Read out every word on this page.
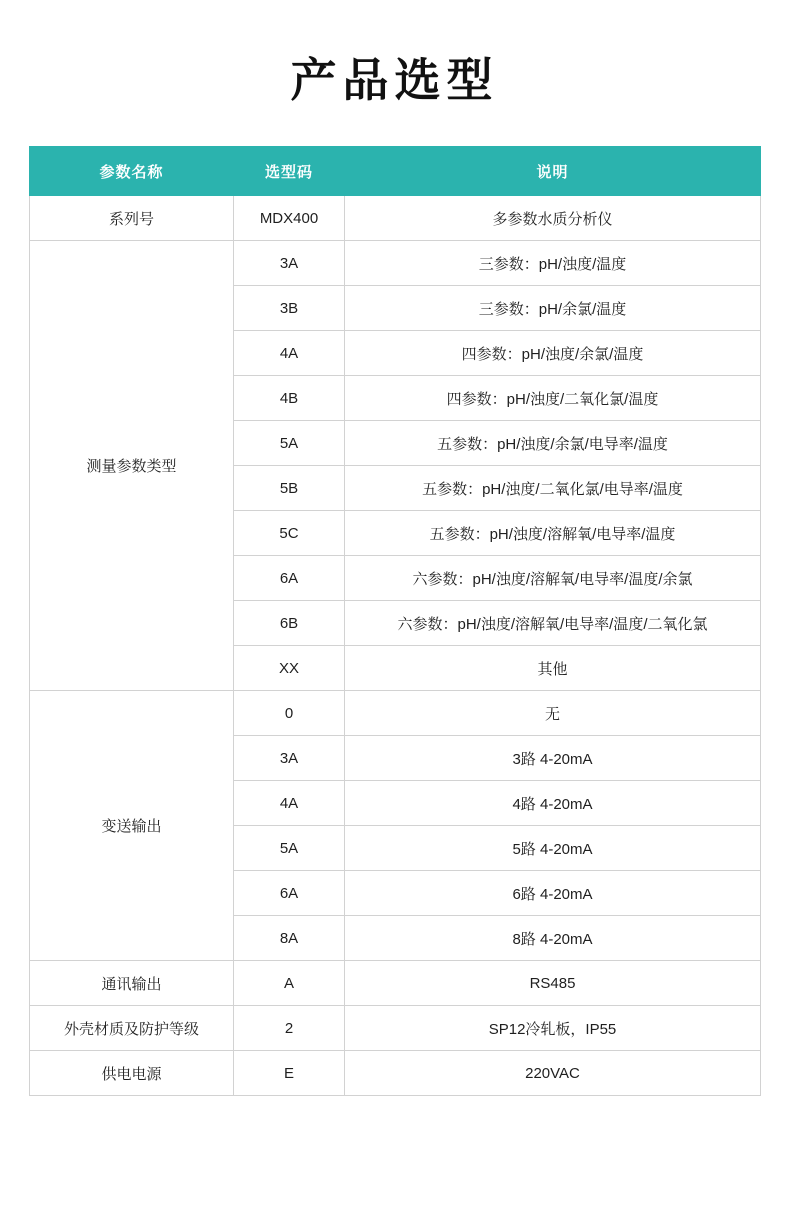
产品选型
参数名称	选型码	说明
系列号	MDX400	多参数水质分析仪
测量参数类型	3A	三参数：pH/浊度/温度
	3B	三参数：pH/余氯/温度
	4A	四参数：pH/浊度/余氯/温度
	4B	四参数：pH/浊度/二氧化氯/温度
	5A	五参数：pH/浊度/余氯/电导率/温度
	5B	五参数：pH/浊度/二氧化氯/电导率/温度
	5C	五参数：pH/浊度/溶解氧/电导率/温度
	6A	六参数：pH/浊度/溶解氧/电导率/温度/余氯
	6B	六参数：pH/浊度/溶解氧/电导率/温度/二氧化氯
	XX	其他
变送输出	0	无
	3A	3路 4-20mA
	4A	4路 4-20mA
	5A	5路 4-20mA
	6A	6路 4-20mA
	8A	8路 4-20mA
通讯输出	A	RS485
外壳材质及防护等级	2	SP12冷轧板，IP55
供电电源	E	220VAC
